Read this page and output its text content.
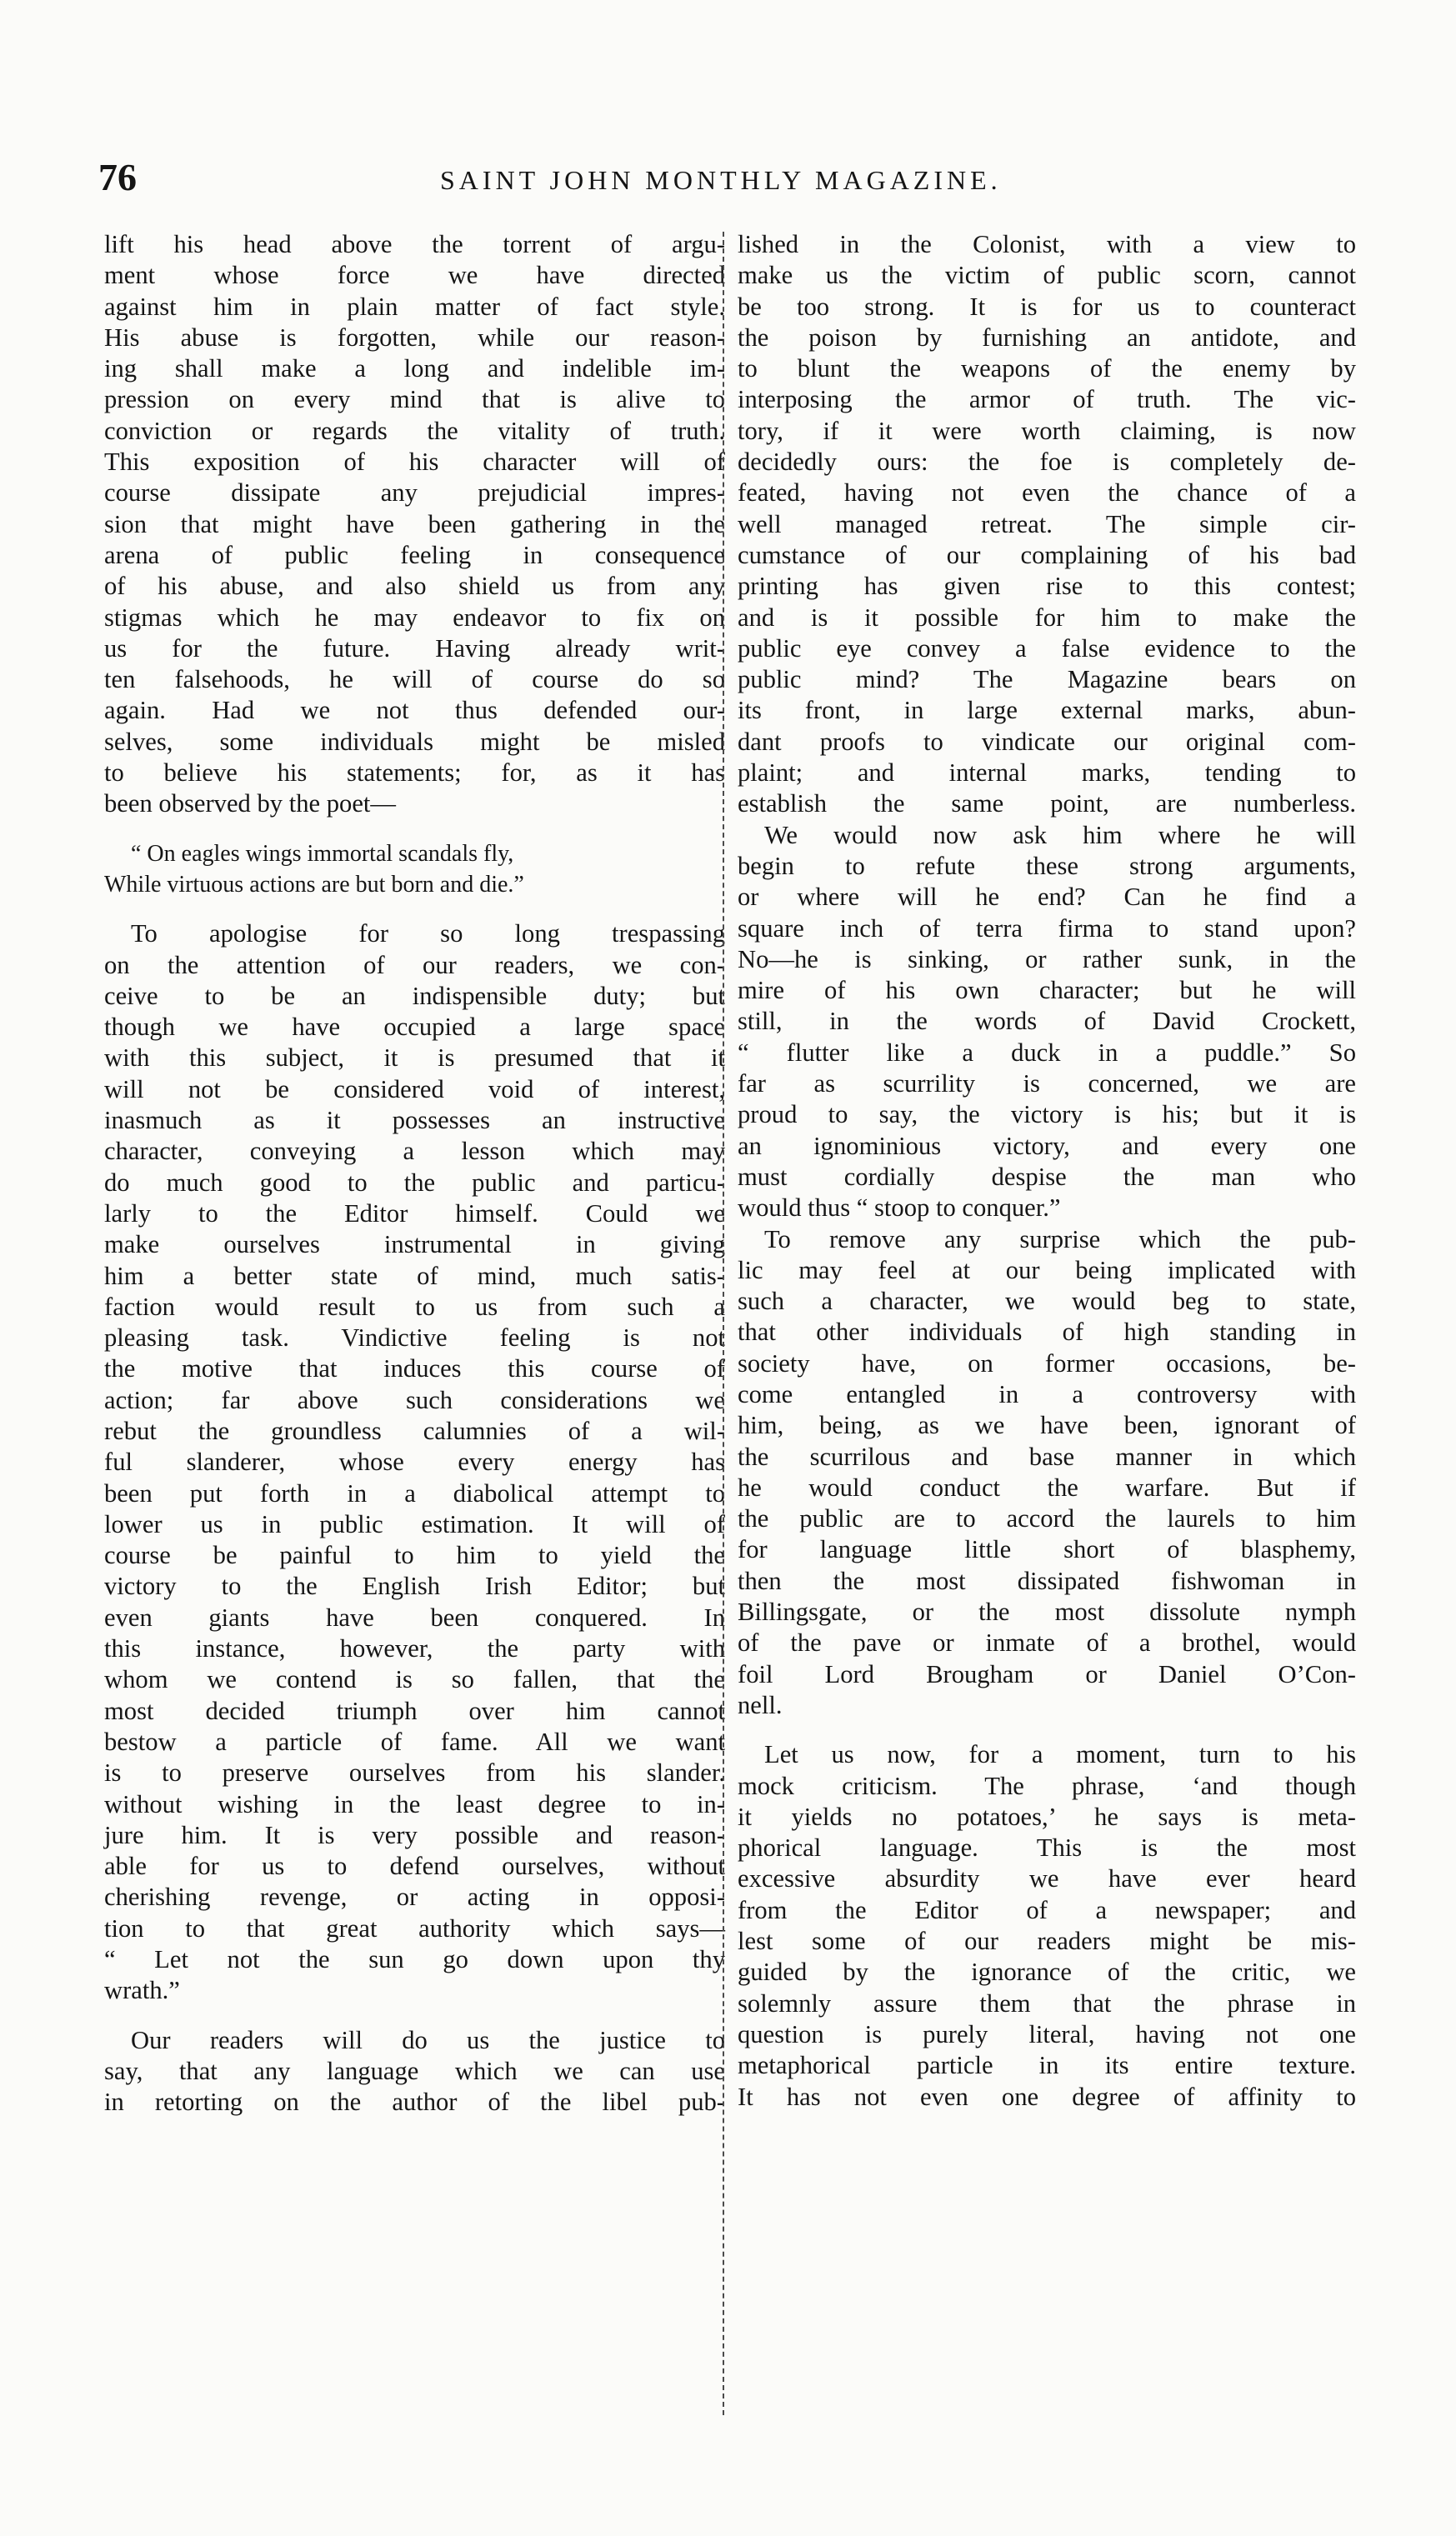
76	SAINT JOHN MONTHLY MAGAZINE.
lift his head above the torrent of argu-
ment whose force we have directed
against him in plain matter of fact style.
His abuse is forgotten, while our reason-
ing shall make a long and indelible im-
pression on every mind that is alive to
conviction or regards the vitality of truth.
This exposition of his character will of
course dissipate any prejudicial impres-
sion that might have been gathering in the
arena of public feeling in consequence
of his abuse, and also shield us from any
stigmas which he may endeavor to fix on
us for the future. Having already writ-
ten falsehoods, he will of course do so
again. Had we not thus defended our-
selves, some individuals might be misled
to believe his statements; for, as it has
been observed by the poet—
“ On eagles wings immortal scandals fly,
While virtuous actions are but born and die.”
To apologise for so long trespassing
on the attention of our readers, we con-
ceive to be an indispensible duty; but
though we have occupied a large space
with this subject, it is presumed that it
will not be considered void of interest,
inasmuch as it possesses an instructive
character, conveying a lesson which may
do much good to the public and particu-
larly to the Editor himself. Could we
make ourselves instrumental in giving
him a better state of mind, much satis-
faction would result to us from such a
pleasing task. Vindictive feeling is not
the motive that induces this course of
action; far above such considerations we
rebut the groundless calumnies of a wil-
ful slanderer, whose every energy has
been put forth in a diabolical attempt to
lower us in public estimation. It will of
course be painful to him to yield the
victory to the English Irish Editor; but
even giants have been conquered. In
this instance, however, the party with
whom we contend is so fallen, that the
most decided triumph over him cannot
bestow a particle of fame. All we want
is to preserve ourselves from his slander.
without wishing in the least degree to in-
jure him. It is very possible and reason-
able for us to defend ourselves, without
cherishing revenge, or acting in opposi-
tion to that great authority which says—
“ Let not the sun go down upon thy
wrath.”
Our readers will do us the justice to
say, that any language which we can use
in retorting on the author of the libel pub-
lished in the Colonist, with a view to
make us the victim of public scorn, cannot
be too strong. It is for us to counteract
the poison by furnishing an antidote, and
to blunt the weapons of the enemy by
interposing the armor of truth. The vic-
tory, if it were worth claiming, is now
decidedly ours: the foe is completely de-
feated, having not even the chance of a
well managed retreat. The simple cir-
cumstance of our complaining of his bad
printing has given rise to this contest;
and is it possible for him to make the
public eye convey a false evidence to the
public mind? The Magazine bears on
its front, in large external marks, abun-
dant proofs to vindicate our original com-
plaint; and internal marks, tending to
establish the same point, are numberless.
We would now ask him where he will
begin to refute these strong arguments,
or where will he end? Can he find a
square inch of terra firma to stand upon?
No—he is sinking, or rather sunk, in the
mire of his own character; but he will
still, in the words of David Crockett,
“ flutter like a duck in a puddle.” So
far as scurrility is concerned, we are
proud to say, the victory is his; but it is
an ignominious victory, and every one
must cordially despise the man who
would thus “ stoop to conquer.”
To remove any surprise which the pub-
lic may feel at our being implicated with
such a character, we would beg to state,
that other individuals of high standing in
society have, on former occasions, be-
come entangled in a controversy with
him, being, as we have been, ignorant of
the scurrilous and base manner in which
he would conduct the warfare. But if
the public are to accord the laurels to him
for language little short of blasphemy,
then the most dissipated fishwoman in
Billingsgate, or the most dissolute nymph
of the pave or inmate of a brothel, would
foil Lord Brougham or Daniel O’Con-
nell.
Let us now, for a moment, turn to his
mock criticism. The phrase, ‘and though
it yields no potatoes,’ he says is meta-
phorical language. This is the most
excessive absurdity we have ever heard
from the Editor of a newspaper; and
lest some of our readers might be mis-
guided by the ignorance of the critic, we
solemnly assure them that the phrase in
question is purely literal, having not one
metaphorical particle in its entire texture.
It has not even one degree of affinity to
